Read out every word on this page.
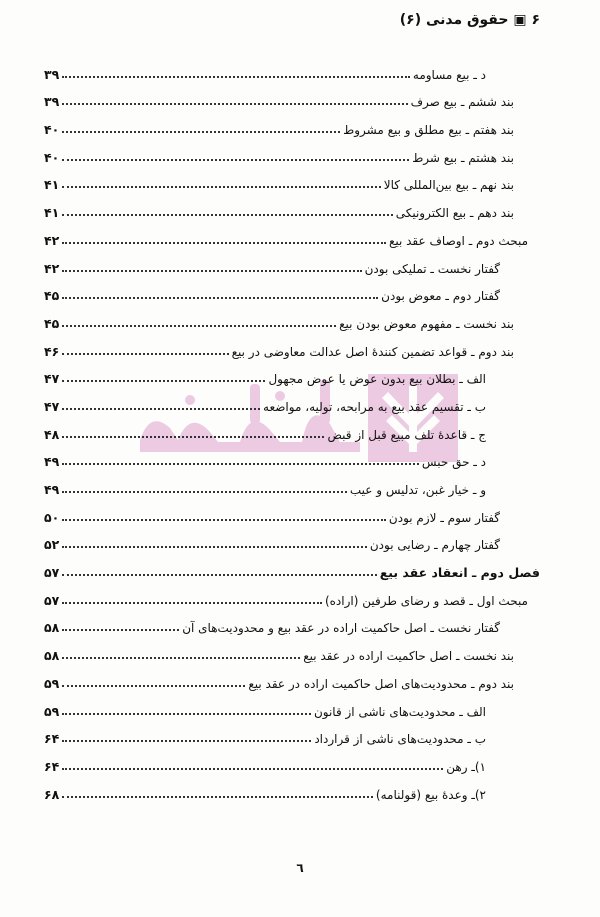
۶ ▣ حقوق مدنی (۶)
د ـ بیع مساومه
۳۹
بند ششم ـ بیع صرف
۳۹
بند هفتم ـ بیع مطلق و بیع مشروط
۴۰
بند هشتم ـ بیع شرط
۴۰
بند نهم ـ بیع بین‌المللی کالا
۴۱
بند دهم ـ بیع الکترونیکی
۴۱
مبحث دوم ـ اوصاف عقد بیع
۴۲
گفتار نخست ـ تملیکی بودن
۴۲
گفتار دوم ـ معوض بودن
۴۵
بند نخست ـ مفهوم معوض بودن بیع
۴۵
بند دوم ـ قواعد تضمین کنندهٔ اصل عدالت معاوضی در بیع
۴۶
الف ـ بطلان بیع بدون عوض یا عوض مجهول
۴۷
ب ـ تقسیم عقد بیع به مرابحه، تولیه، مواضعه
۴۷
ج ـ قاعدهٔ تلف مبیع قبل از قبض
۴۸
د ـ حق حبس
۴۹
و ـ خیار غبن، تدلیس و عیب
۴۹
گفتار سوم ـ لازم بودن
۵۰
گفتار چهارم ـ رضایی بودن
۵۲
فصل دوم ـ انعقاد عقد بیع
۵۷
مبحث اول ـ قصد و رضای طرفین (اراده)
۵۷
گفتار نخست ـ اصل حاکمیت اراده در عقد بیع و محدودیت‌های آن
۵۸
بند نخست ـ اصل حاکمیت اراده در عقد بیع
۵۸
بند دوم ـ محدودیت‌های اصل حاکمیت اراده در عقد بیع
۵۹
الف ـ محدودیت‌های ناشی از قانون
۵۹
ب ـ محدودیت‌های ناشی از قرارداد
۶۴
۱)ـ رهن
۶۴
۲)ـ وعدهٔ بیع (قولنامه)
۶۸
٦
